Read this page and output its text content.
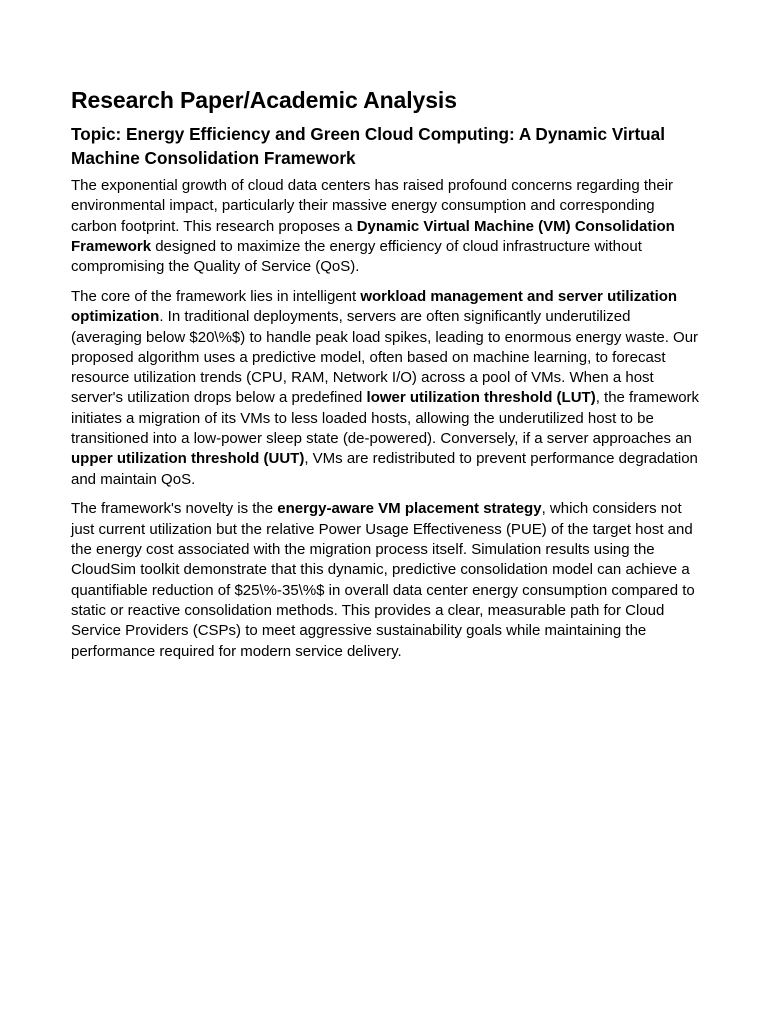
Research Paper/Academic Analysis
Topic: Energy Efficiency and Green Cloud Computing: A Dynamic Virtual Machine Consolidation Framework

The exponential growth of cloud data centers has raised profound concerns regarding their environmental impact, particularly their massive energy consumption and corresponding carbon footprint. This research proposes a Dynamic Virtual Machine (VM) Consolidation Framework designed to maximize the energy efficiency of cloud infrastructure without compromising the Quality of Service (QoS).

The core of the framework lies in intelligent workload management and server utilization optimization. In traditional deployments, servers are often significantly underutilized (averaging below $20\%$) to handle peak load spikes, leading to enormous energy waste. Our proposed algorithm uses a predictive model, often based on machine learning, to forecast resource utilization trends (CPU, RAM, Network I/O) across a pool of VMs. When a host server's utilization drops below a predefined lower utilization threshold (LUT), the framework initiates a migration of its VMs to less loaded hosts, allowing the underutilized host to be transitioned into a low-power sleep state (de-powered). Conversely, if a server approaches an upper utilization threshold (UUT), VMs are redistributed to prevent performance degradation and maintain QoS.

The framework's novelty is the energy-aware VM placement strategy, which considers not just current utilization but the relative Power Usage Effectiveness (PUE) of the target host and the energy cost associated with the migration process itself. Simulation results using the CloudSim toolkit demonstrate that this dynamic, predictive consolidation model can achieve a quantifiable reduction of $25\%-35\%$ in overall data center energy consumption compared to static or reactive consolidation methods. This provides a clear, measurable path for Cloud Service Providers (CSPs) to meet aggressive sustainability goals while maintaining the performance required for modern service delivery.
